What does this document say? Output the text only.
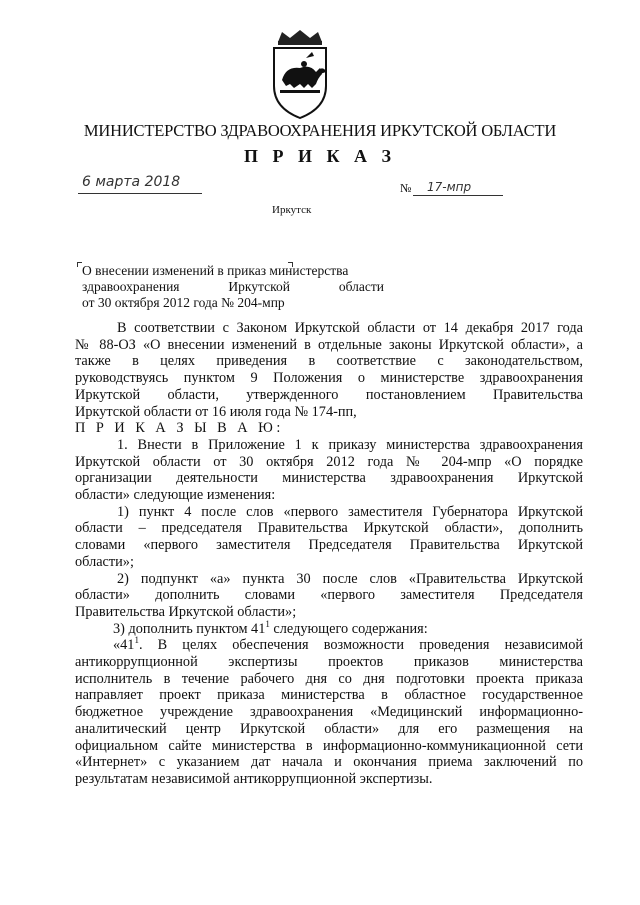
МИНИСТЕРСТВО ЗДРАВООХРАНЕНИЯ ИРКУТСКОЙ ОБЛАСТИ
П Р И К А З
6 марта 2018	№ 17-мпр
Иркутск
О внесении изменений в приказ министерства
здравоохранения	Иркутской	области
от 30 октября 2012 года № 204-мпр

В соответствии с Законом Иркутской области от 14 декабря 2017 года

№ 88-ОЗ «О внесении изменений в отдельные законы Иркутской области», а

также в целях приведения в соответствие с законодательством,

руководствуясь пунктом 9 Положения о министерстве здравоохранения

Иркутской области, утвержденного постановлением Правительства

Иркутской области от 16 июля года № 174-пп,

П Р И К А З Ы В А Ю:

1. Внести в Приложение 1 к приказу министерства здравоохранения

Иркутской области от 30 октября 2012 года № 204-мпр «О порядке

организации деятельности министерства здравоохранения Иркутской

области» следующие изменения:

1) пункт 4 после слов «первого заместителя Губернатора Иркутской

области – председателя Правительства Иркутской области», дополнить

словами «первого заместителя Председателя Правительства Иркутской

области»;

2) подпункт «а» пункта 30 после слов «Правительства Иркутской

области» дополнить словами «первого заместителя Председателя

Правительства Иркутской области»;

3) дополнить пунктом $41^1$ следующего содержания:

«$41^1$. В целях обеспечения возможности проведения независимой

антикоррупционной экспертизы проектов приказов министерства

исполнитель в течение рабочего дня со дня подготовки проекта приказа

направляет проект приказа министерства в областное государственное

бюджетное учреждение здравоохранения «Медицинский информационно-

аналитический центр Иркутской области» для его размещения на

официальном сайте министерства в информационно-коммуникационной сети

«Интернет» с указанием дат начала и окончания приема заключений по

результатам независимой антикоррупционной экспертизы.
